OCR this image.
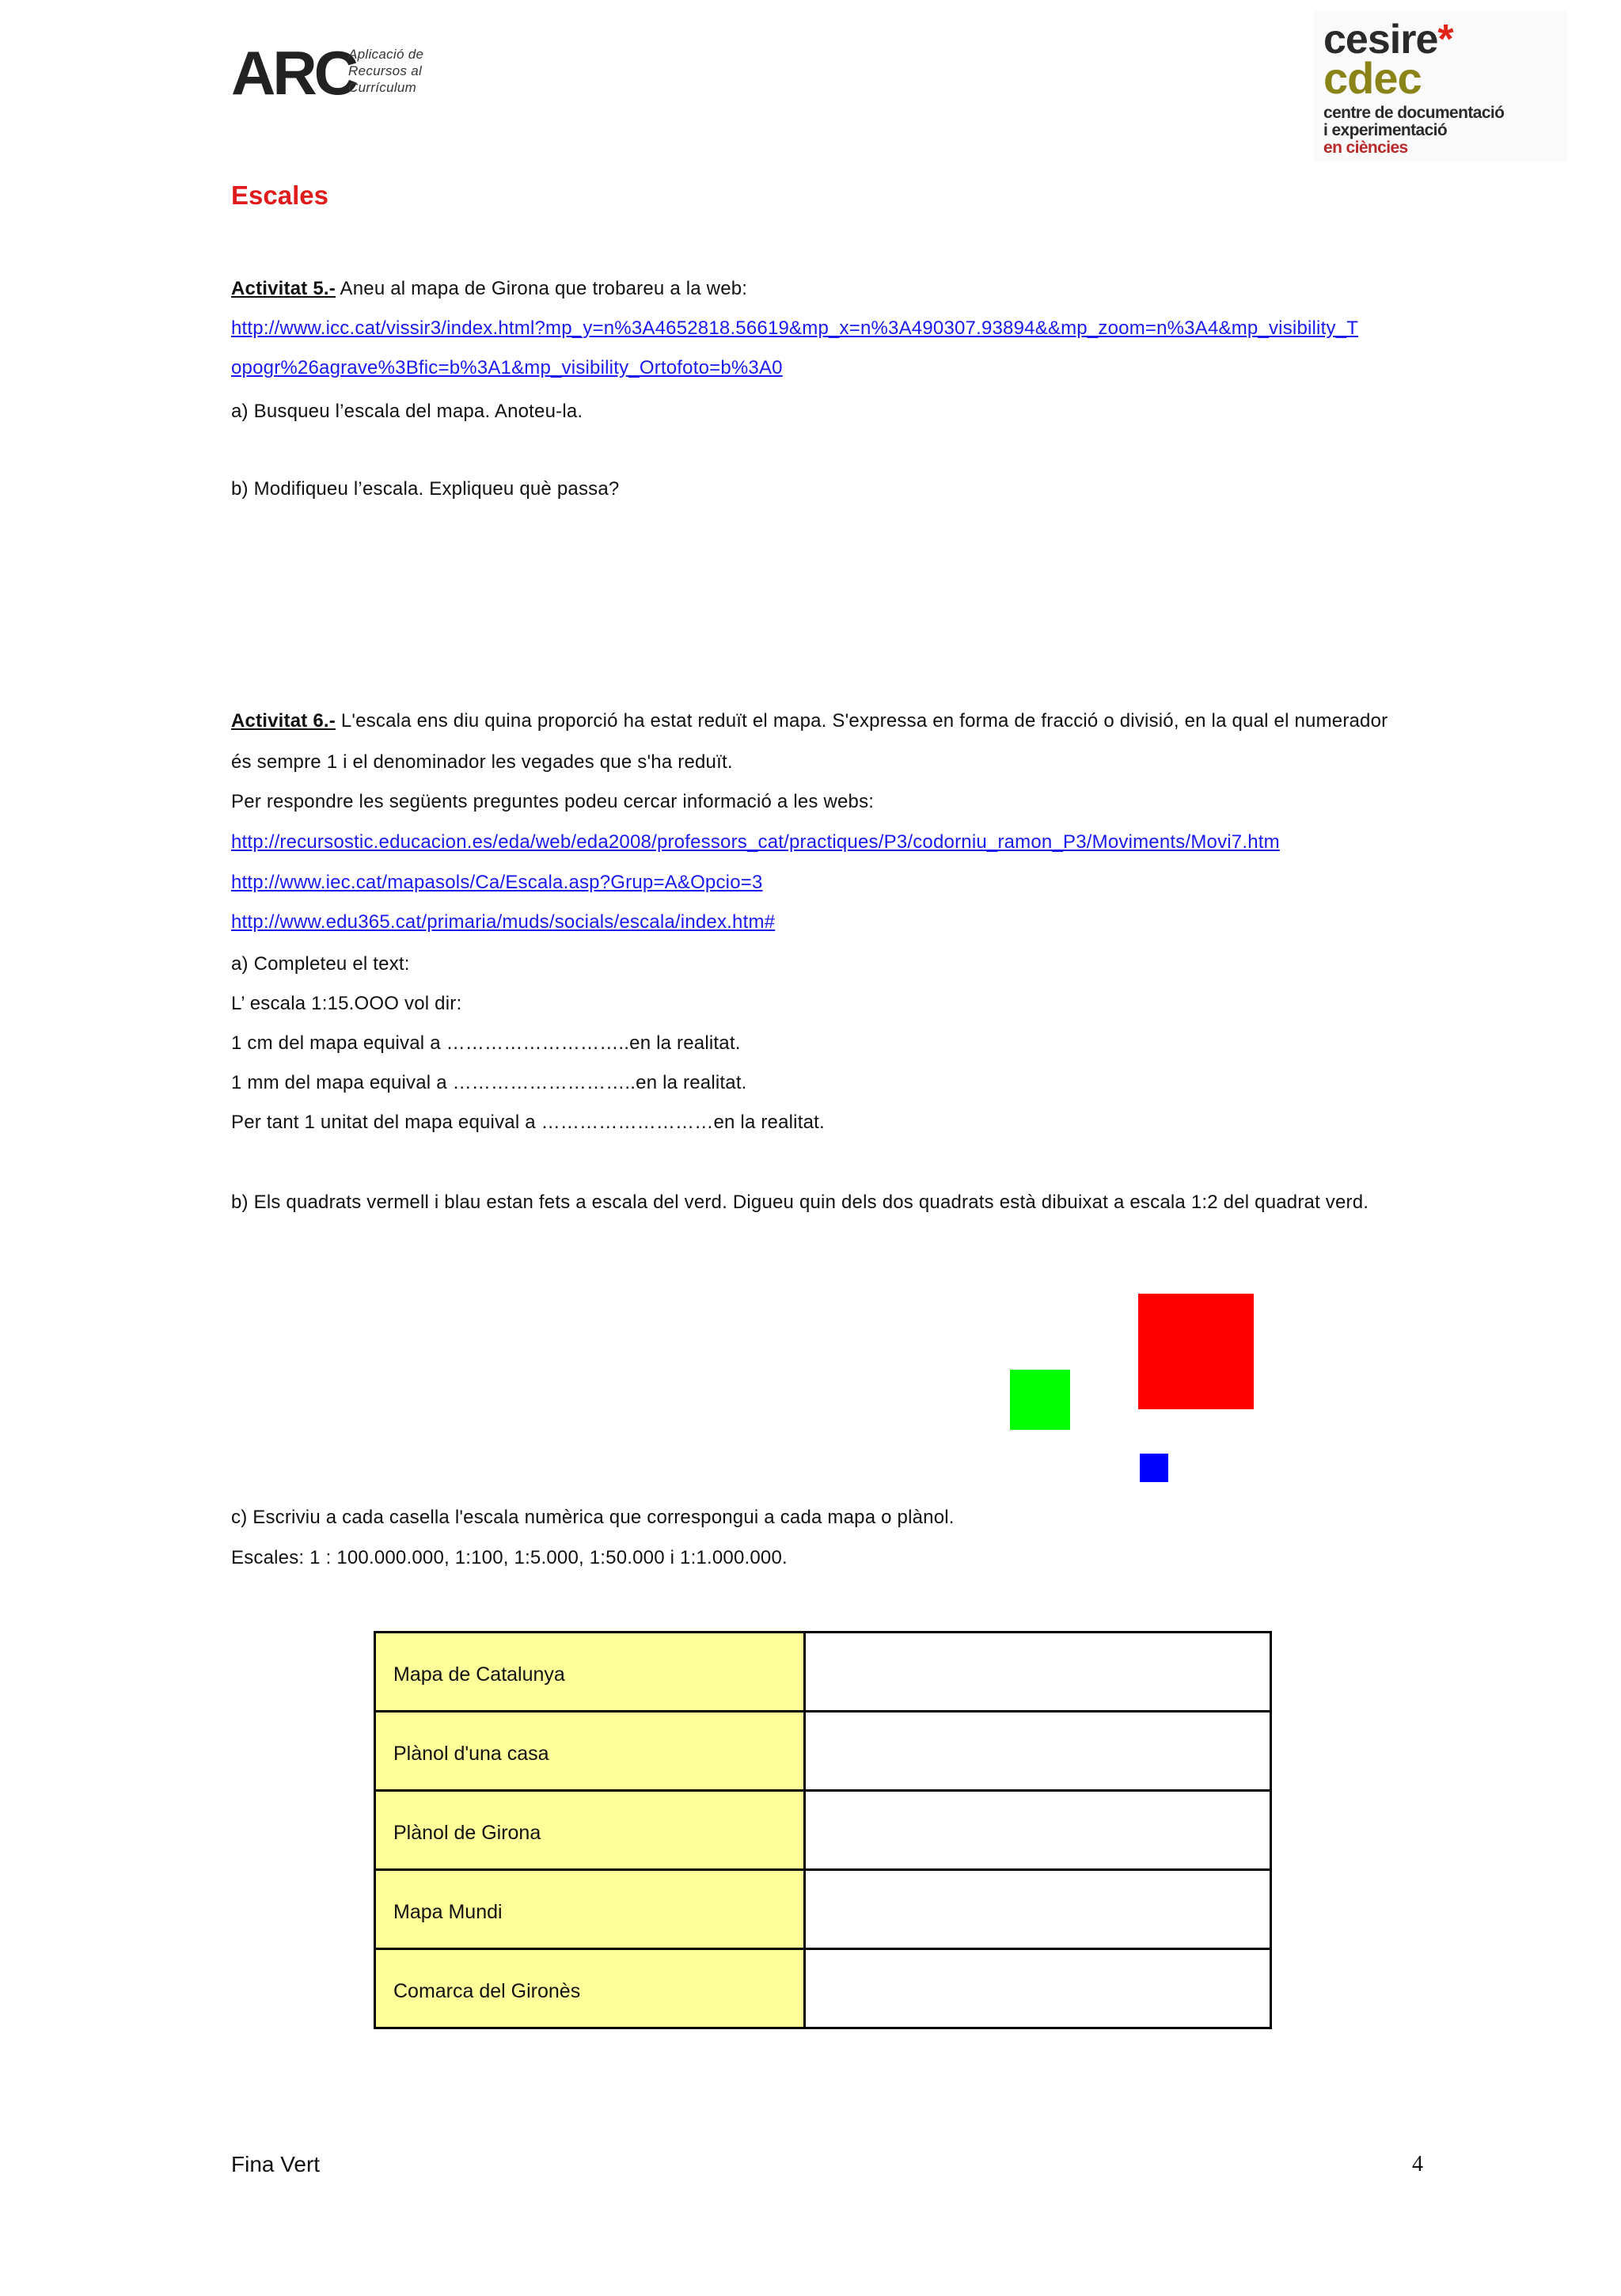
ARC
Aplicació de
Recursos al
Currículum
cesire*
cdec
centre de documentació
i experimentació
en ciències
Escales
Activitat 5.- Aneu al mapa de Girona que trobareu a la web:
http://www.icc.cat/vissir3/index.html?mp_y=n%3A4652818.56619&mp_x=n%3A490307.93894&&mp_zoom=n%3A4&mp_visibility_T
opogr%26agrave%3Bfic=b%3A1&mp_visibility_Ortofoto=b%3A0
a) Busqueu l’escala del mapa. Anoteu-la.
b) Modifiqueu l’escala. Expliqueu què passa?
Activitat 6.- L'escala ens diu quina proporció ha estat reduït el mapa. S'expressa en forma de fracció o divisió, en la qual el numerador
és sempre 1 i el denominador les vegades que s'ha reduït.
Per respondre les següents preguntes podeu cercar informació a les webs:
http://recursostic.educacion.es/eda/web/eda2008/professors_cat/practiques/P3/codorniu_ramon_P3/Moviments/Movi7.htm
http://www.iec.cat/mapasols/Ca/Escala.asp?Grup=A&Opcio=3
http://www.edu365.cat/primaria/muds/socials/escala/index.htm#
a) Completeu el text:
L’ escala 1:15.OOO vol dir:
1 cm del mapa equival a ………………………..en la realitat.
1 mm del mapa equival a ………………………..en la realitat.
Per tant 1 unitat del mapa equival a ………………………en la realitat.
b) Els quadrats vermell i blau estan fets a escala del verd. Digueu quin dels dos quadrats està dibuixat a escala 1:2 del quadrat verd.
c) Escriviu a cada casella l'escala numèrica que correspongui a cada mapa o plànol.
Escales: 1 : 100.000.000, 1:100, 1:5.000, 1:50.000 i 1:1.000.000.
Mapa de Catalunya	
Plànol d'una casa	
Plànol de Girona	
Mapa Mundi	
Comarca del Gironès	
Fina Vert	4
